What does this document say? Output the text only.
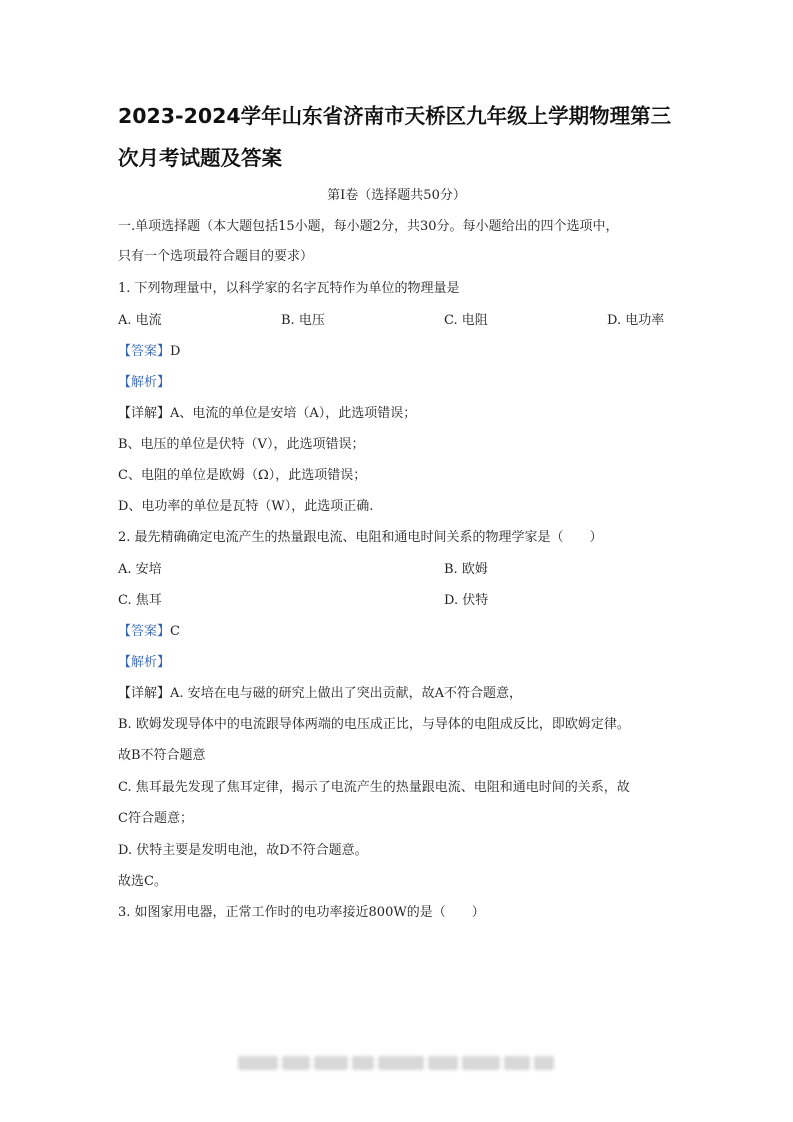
2023-2024学年山东省济南市天桥区九年级上学期物理第三
次月考试题及答案
第I卷（选择题共50分）
一.单项选择题（本大题包括15小题，每小题2分，共30分。每小题给出的四个选项中，
只有一个选项最符合题目的要求）
1. 下列物理量中，以科学家的名字瓦特作为单位的物理量是
A. 电流	B. 电压	C. 电阻	D. 电功率
【答案】D
【解析】
【详解】A、电流的单位是安培（A），此选项错误；
B、电压的单位是伏特（V），此选项错误；
C、电阻的单位是欧姆（Ω），此选项错误；
D、电功率的单位是瓦特（W），此选项正确.
2. 最先精确确定电流产生的热量跟电流、电阻和通电时间关系的物理学家是（　　）
A. 安培	B. 欧姆
C. 焦耳	D. 伏特
【答案】C
【解析】
【详解】A. 安培在电与磁的研究上做出了突出贡献，故A不符合题意，
B. 欧姆发现导体中的电流跟导体两端的电压成正比，与导体的电阻成反比，即欧姆定律。
故B不符合题意
C. 焦耳最先发现了焦耳定律，揭示了电流产生的热量跟电流、电阻和通电时间的关系，故
C符合题意；
D. 伏特主要是发明电池，故D不符合题意。
故选C。
3. 如图家用电器，正常工作时的电功率接近800W的是（　　）
